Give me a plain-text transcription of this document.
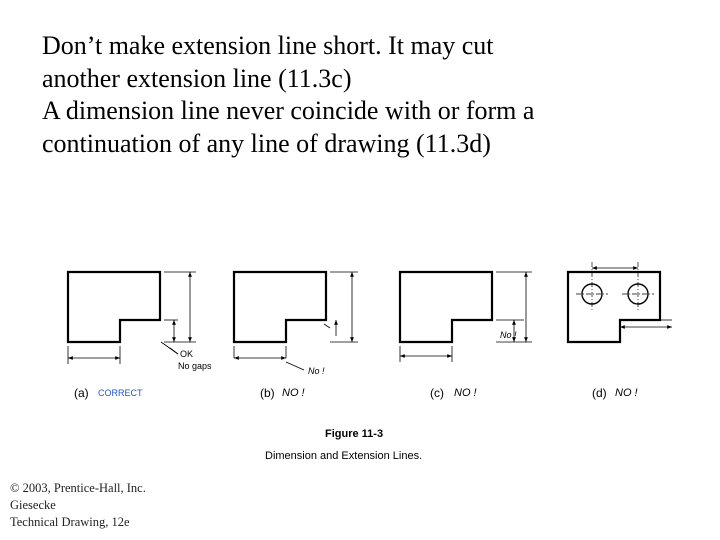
Don’t make extension line short. It may cut

another extension line (11.3c)

A dimension line never coincide with or form a

continuation of any line of drawing (11.3d)

OK
No gaps
(a) CORRECT
No !
(b) NO !
No !
(c) NO !	(d) NO !
Figure 11-3
Dimension and Extension Lines.
© 2003, Prentice-Hall, Inc.
Giesecke
Technical Drawing, 12e
